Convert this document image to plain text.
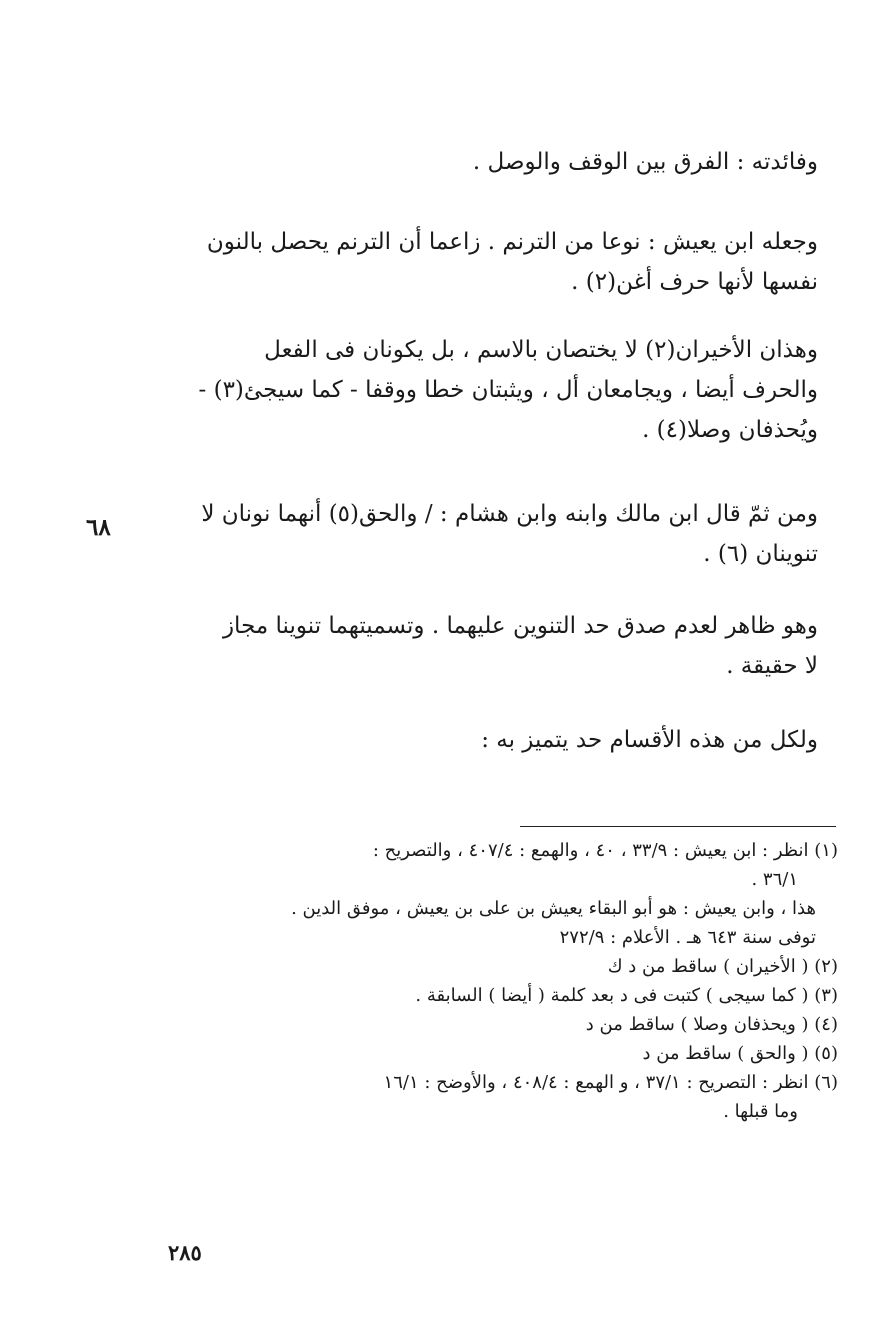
وفائدته : الفرق بين الوقف والوصل .
وجعله ابن يعيش : نوعا من الترنم . زاعما أن الترنم يحصل بالنون
نفسها لأنها حرف أغن(٢) .
وهذان الأخيران(٢) لا يختصان بالاسم ، بل يكونان فى الفعل
والحرف أيضا ، ويجامعان أل ، ويثبتان خطا ووقفا - كما سيجئ(٣) -
ويُحذفان وصلا(٤) .
ومن ثمّ قال ابن مالك وابنه وابن هشام : / والحق(٥) أنهما نونان لا
تنوينان (٦) .
٦٨
وهو ظاهر لعدم صدق حد التنوين عليهما . وتسميتهما تنوينا مجاز
لا حقيقة .
ولكل من هذه الأقسام حد يتميز به :
(١) انظر : ابن يعيش : ٣٣/٩ ، ٤٠ ، والهمع : ٤٠٧/٤ ، والتصريح :
٣٦/١ .
هذا ، وابن يعيش : هو أبو البقاء يعيش بن على بن يعيش ، موفق الدين .
توفى سنة ٦٤٣ هـ . الأعلام : ٢٧٢/٩
(٢) ( الأخيران ) ساقط من د ك
(٣) ( كما سيجى ) كتبت فى د بعد كلمة ( أيضا ) السابقة .
(٤) ( ويحذفان وصلا ) ساقط من د
(٥) ( والحق ) ساقط من د
(٦) انظر : التصريح : ٣٧/١ ، و الهمع : ٤٠٨/٤ ، والأوضح : ١٦/١
وما قبلها .
٢٨٥
